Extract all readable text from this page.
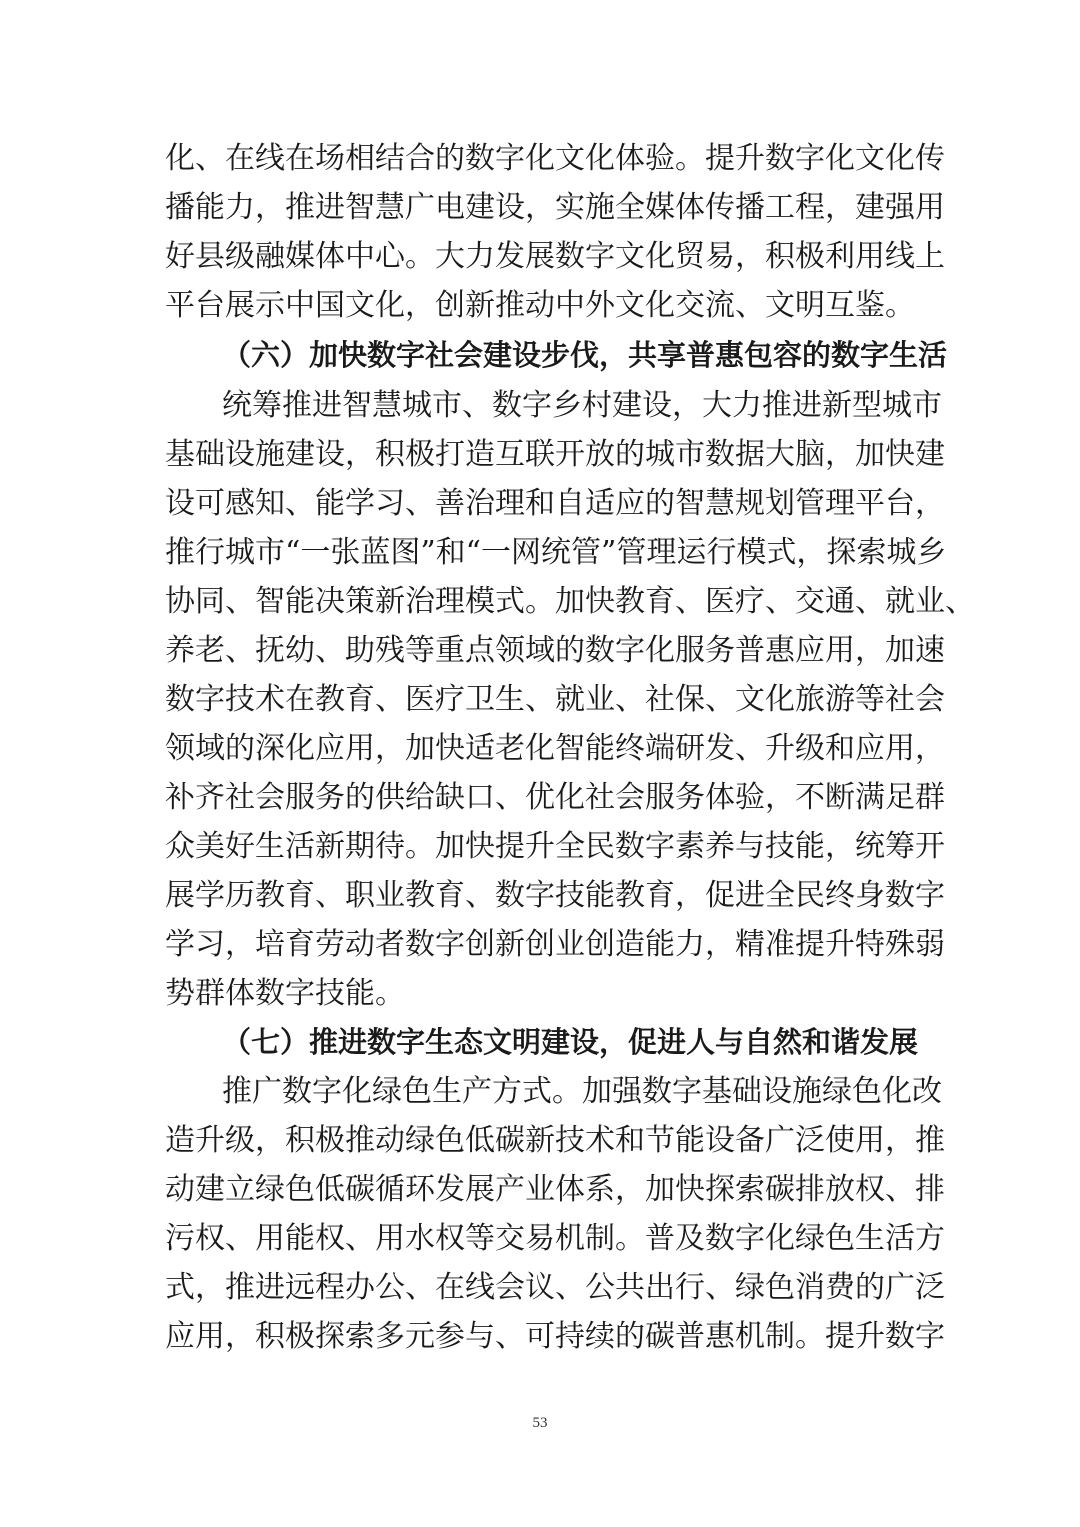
化、在线在场相结合的数字化文化体验。提升数字化文化传
播能力，推进智慧广电建设，实施全媒体传播工程，建强用
好县级融媒体中心。大力发展数字文化贸易，积极利用线上
平台展示中国文化，创新推动中外文化交流、文明互鉴。
（六）加快数字社会建设步伐，共享普惠包容的数字生活
统筹推进智慧城市、数字乡村建设，大力推进新型城市
基础设施建设，积极打造互联开放的城市数据大脑，加快建
设可感知、能学习、善治理和自适应的智慧规划管理平台，
推行城市“一张蓝图”和“一网统管”管理运行模式，探索城乡
协同、智能决策新治理模式。加快教育、医疗、交通、就业、
养老、抚幼、助残等重点领域的数字化服务普惠应用，加速
数字技术在教育、医疗卫生、就业、社保、文化旅游等社会
领域的深化应用，加快适老化智能终端研发、升级和应用，
补齐社会服务的供给缺口、优化社会服务体验，不断满足群
众美好生活新期待。加快提升全民数字素养与技能，统筹开
展学历教育、职业教育、数字技能教育，促进全民终身数字
学习，培育劳动者数字创新创业创造能力，精准提升特殊弱
势群体数字技能。
（七）推进数字生态文明建设，促进人与自然和谐发展
推广数字化绿色生产方式。加强数字基础设施绿色化改
造升级，积极推动绿色低碳新技术和节能设备广泛使用，推
动建立绿色低碳循环发展产业体系，加快探索碳排放权、排
污权、用能权、用水权等交易机制。普及数字化绿色生活方
式，推进远程办公、在线会议、公共出行、绿色消费的广泛
应用，积极探索多元参与、可持续的碳普惠机制。提升数字
53
